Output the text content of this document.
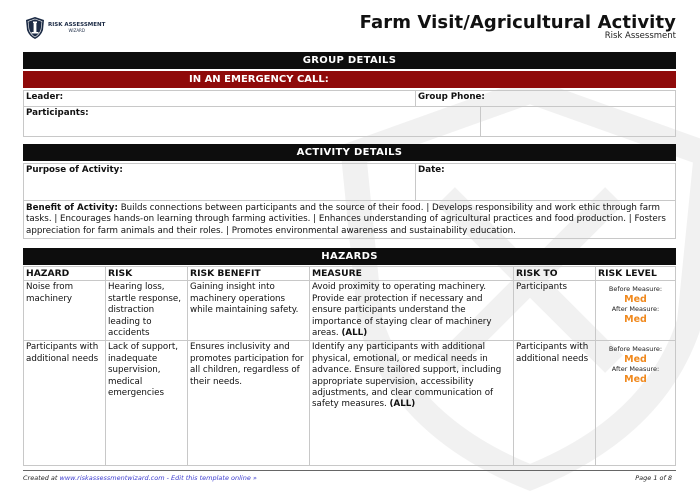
RISK ASSESSMENT
WIZARD	Farm Visit/Agricultural Activity
Risk Assessment
GROUP DETAILS
IN AN EMERGENCY CALL:
Leader:	Group Phone:	
Participants:		
ACTIVITY DETAILS
Purpose of Activity:	Date:
Benefit of Activity: Builds connections between participants and the source of their food. | Develops responsibility and work ethic through farm tasks. | Encourages hands-on learning through farming activities. | Enhances understanding of agricultural practices and food production. | Fosters appreciation for farm animals and their roles. | Promotes environmental awareness and sustainability education.
HAZARDS
HAZARD	RISK	RISK BENEFIT	MEASURE	RISK TO	RISK LEVEL
Noise from machinery	Hearing loss, startle response, distraction leading to accidents	Gaining insight into machinery operations while maintaining safety.	Avoid proximity to operating machinery. Provide ear protection if necessary and ensure participants understand the importance of staying clear of machinery areas. (ALL)	Participants	Before Measure:
Med
After Measure:
Med

Participants with additional needs	Lack of support, inadequate supervision, medical emergencies	Ensures inclusivity and promotes participation for all children, regardless of their needs.	Identify any participants with additional physical, emotional, or medical needs in advance. Ensure tailored support, including appropriate supervision, accessibility adjustments, and clear communication of safety measures. (ALL)	Participants with additional needs	
Before Measure:
Med
After Measure:
Med
Created at www.riskassessmentwizard.com - Edit this template online »	Page 1 of 8
